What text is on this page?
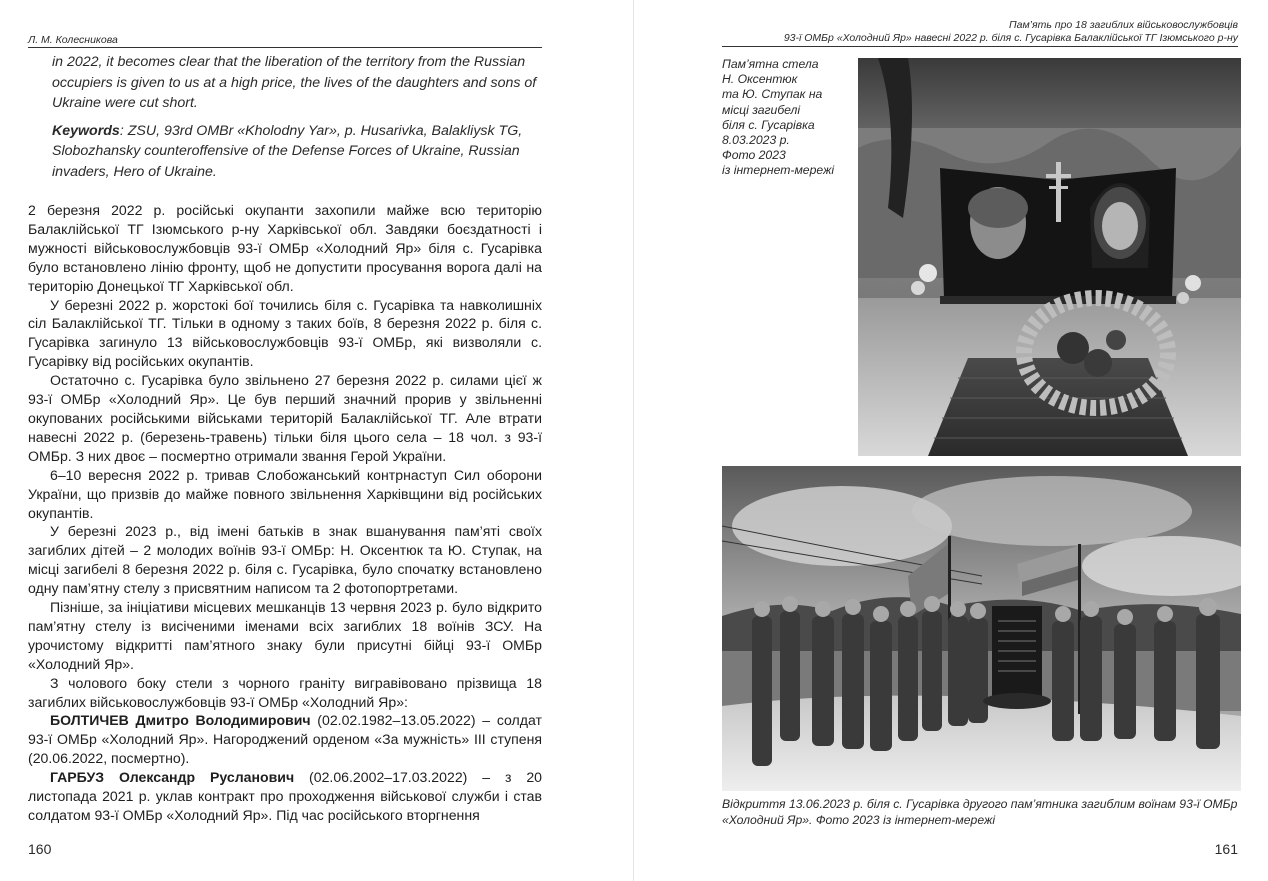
Л. М. Колесникова

in 2022, it becomes clear that the liberation of the territory from the Russian occupiers is given to us at a high price, the lives of the daughters and sons of Ukraine were cut short.

Keywords: ZSU, 93rd OMBr «Kholodny Yar», p. Husarivka, Balakliysk TG, Slobozhansky counteroffensive of the Defense Forces of Ukraine, Russian invaders, Hero of Ukraine.

2 березня 2022 р. російські окупанти захопили майже всю територію Балаклійської ТГ Ізюмського р-ну Харківської обл. Завдяки боєздатності і мужності військовослужбовців 93-ї ОМБр «Холодний Яр» біля с. Гусарівка було встановлено лінію фронту, щоб не допустити просування ворога далі на територію Донецької ТГ Харківської обл.

У березні 2022 р. жорстокі бої точились біля с. Гусарівка та навколишніх сіл Балаклійської ТГ. Тільки в одному з таких боїв, 8 березня 2022 р. біля с. Гусарівка загинуло 13 військовослужбовців 93-ї ОМБр, які визволяли с. Гусарівку від російських окупантів.

Остаточно с. Гусарівка було звільнено 27 березня 2022 р. силами цієї ж 93-ї ОМБр «Холодний Яр». Це був перший значний прорив у звільненні окупованих російськими військами територій Балаклійської ТГ. Але втрати навесні 2022 р. (березень-травень) тільки біля цього села – 18 чол. з 93-ї ОМБр. З них двоє – посмертно отримали звання Герой України.

6–10 вересня 2022 р. тривав Слобожанський контрнаступ Сил оборони України, що призвів до майже повного звільнення Харківщини від російських окупантів.

У березні 2023 р., від імені батьків в знак вшанування пам’яті своїх загиблих дітей – 2 молодих воїнів 93-ї ОМБр: Н. Оксентюк та Ю. Ступак, на місці загибелі 8 березня 2022 р. біля с. Гусарівка, було спочатку встановлено одну пам’ятну стелу з присвятним написом та 2 фотопортретами.

Пізніше, за ініціативи місцевих мешканців 13 червня 2023 р. було відкрито пам’ятну стелу із висіченими іменами всіх загиблих 18 воїнів ЗСУ. На урочистому відкритті пам’ятного знаку були присутні бійці 93-ї ОМБр «Холодний Яр».

З чолового боку стели з чорного граніту вигравівовано прізвища 18 загиблих військовослужбовців 93-ї ОМБр «Холодний Яр»:

БОЛТИЧЕВ Дмитро Володимирович (02.02.1982–13.05.2022) – солдат 93-ї ОМБр «Холодний Яр». Нагороджений орденом «За мужність» III ступеня (20.06.2022, посмертно).

ГАРБУЗ Олександр Русланович (02.06.2002–17.03.2022) – з 20 листопада 2021 р. уклав контракт про проходження військової служби і став солдатом 93-ї ОМБр «Холодний Яр». Під час російського вторгнення

160
Пам’ять про 18 загиблих військовослужбовців
93-ї ОМБр «Холодний Яр» навесні 2022 р. біля с. Гусарівка Балаклійської ТГ Ізюмського р-ну
Пам’ятна стела
Н. Оксентюк
та Ю. Ступак на
місці загибелі
біля с. Гусарівка
8.03.2023 р.
Фото 2023
із інтернет-мережі
Відкриття 13.06.2023 р. біля с. Гусарівка другого пам’ятника загиблим воїнам 93-ї ОМБр «Холодний Яр». Фото 2023 із інтернет-мережі
161
